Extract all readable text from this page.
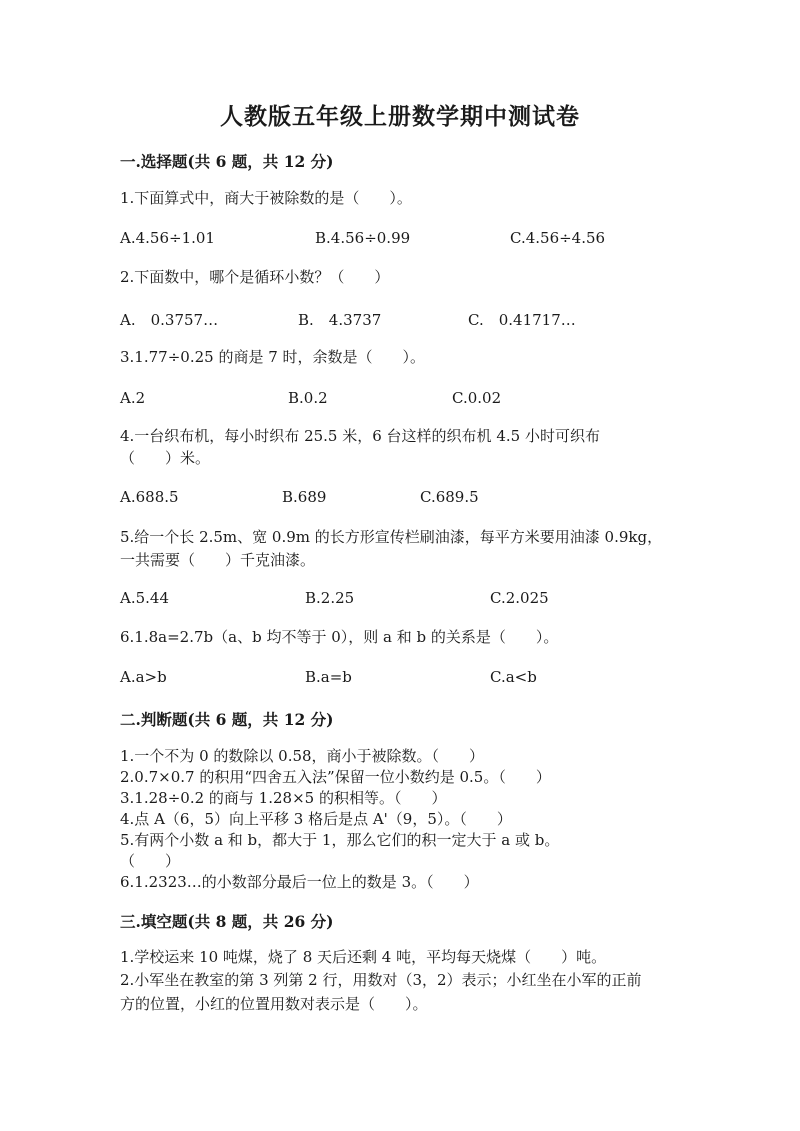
人教版五年级上册数学期中测试卷
一.选择题(共 6 题，共 12 分)
1.下面算式中，商大于被除数的是（　　）。
A.4.56÷1.01	B.4.56÷0.99	C.4.56÷4.56
2.下面数中，哪个是循环小数？（　　）
A.　0.3757…	B.　4.3737	C.　0.41717…
3.1.77÷0.25 的商是 7 时，余数是（　　）。
A.2	B.0.2	C.0.02
4.一台织布机，每小时织布 25.5 米，6 台这样的织布机 4.5 小时可织布
（　　）米。
A.688.5	B.689	C.689.5
5.给一个长 2.5m、宽 0.9m 的长方形宣传栏刷油漆，每平方米要用油漆 0.9kg，
一共需要（　　）千克油漆。
A.5.44	B.2.25	C.2.025
6.1.8a=2.7b（a、b 均不等于 0），则 a 和 b 的关系是（　　）。
A.a>b	B.a=b	C.a<b
二.判断题(共 6 题，共 12 分)
1.一个不为 0 的数除以 0.58，商小于被除数。（　　）
2.0.7×0.7 的积用“四舍五入法”保留一位小数约是 0.5。（　　）
3.1.28÷0.2 的商与 1.28×5 的积相等。（　　）
4.点 A（6，5）向上平移 3 格后是点 A'（9，5）。（　　）
5.有两个小数 a 和 b，都大于 1，那么它们的积一定大于 a 或 b。
（　　）
6.1.2323…的小数部分最后一位上的数是 3。（　　）
三.填空题(共 8 题，共 26 分)
1.学校运来 10 吨煤，烧了 8 天后还剩 4 吨，平均每天烧煤（　　）吨。
2.小军坐在教室的第 3 列第 2 行，用数对（3，2）表示；小红坐在小军的正前
方的位置，小红的位置用数对表示是（　　）。
